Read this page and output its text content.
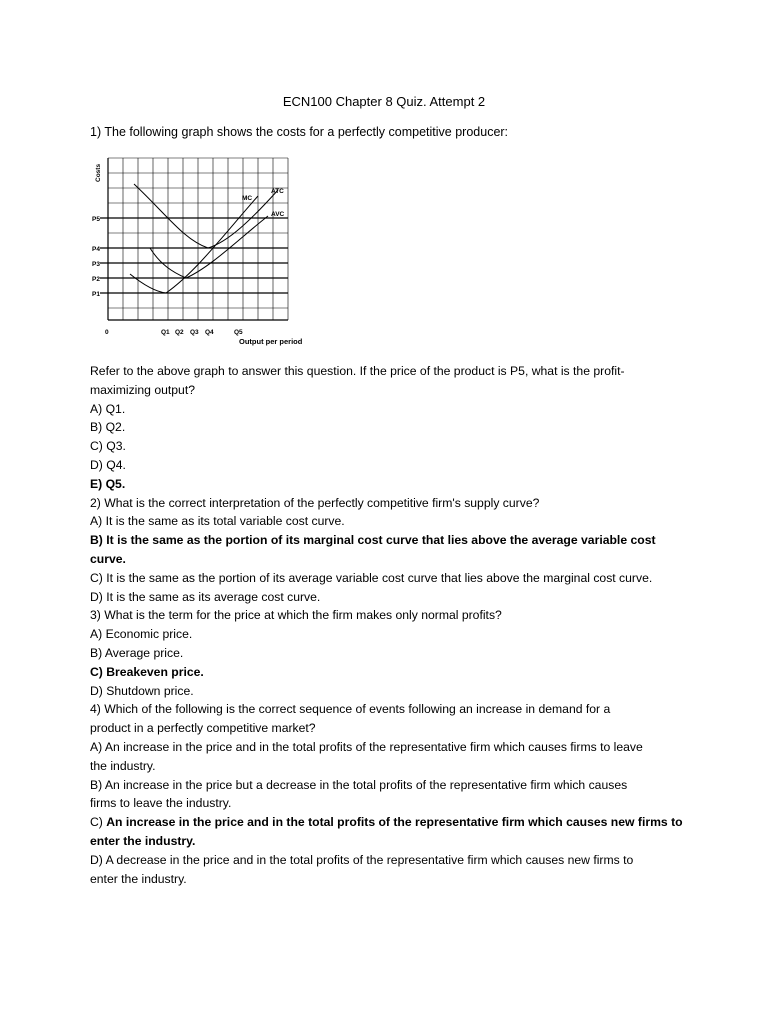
ECN100 Chapter 8 Quiz. Attempt 2
1) The following graph shows the costs for a perfectly competitive producer:
Costs
P5
P4
P3
P2
P1
0	Q1 Q2 Q3 Q4	Q5
Output per period
MC
ATC
AVC
Refer to the above graph to answer this question. If the price of the product is P5, what is the profit-
maximizing output?
A) Q1.
B) Q2.
C) Q3.
D) Q4.
E) Q5.
2) What is the correct interpretation of the perfectly competitive firm's supply curve?
A) It is the same as its total variable cost curve.
B) It is the same as the portion of its marginal cost curve that lies above the average variable cost
curve.
C) It is the same as the portion of its average variable cost curve that lies above the marginal cost curve.
D) It is the same as its average cost curve.
3) What is the term for the price at which the firm makes only normal profits?
A) Economic price.
B) Average price.
C) Breakeven price.
D) Shutdown price.
4) Which of the following is the correct sequence of events following an increase in demand for a
product in a perfectly competitive market?
A) An increase in the price and in the total profits of the representative firm which causes firms to leave
the industry.
B) An increase in the price but a decrease in the total profits of the representative firm which causes
firms to leave the industry.
C) An increase in the price and in the total profits of the representative firm which causes new firms to
enter the industry.
D) A decrease in the price and in the total profits of the representative firm which causes new firms to
enter the industry.
